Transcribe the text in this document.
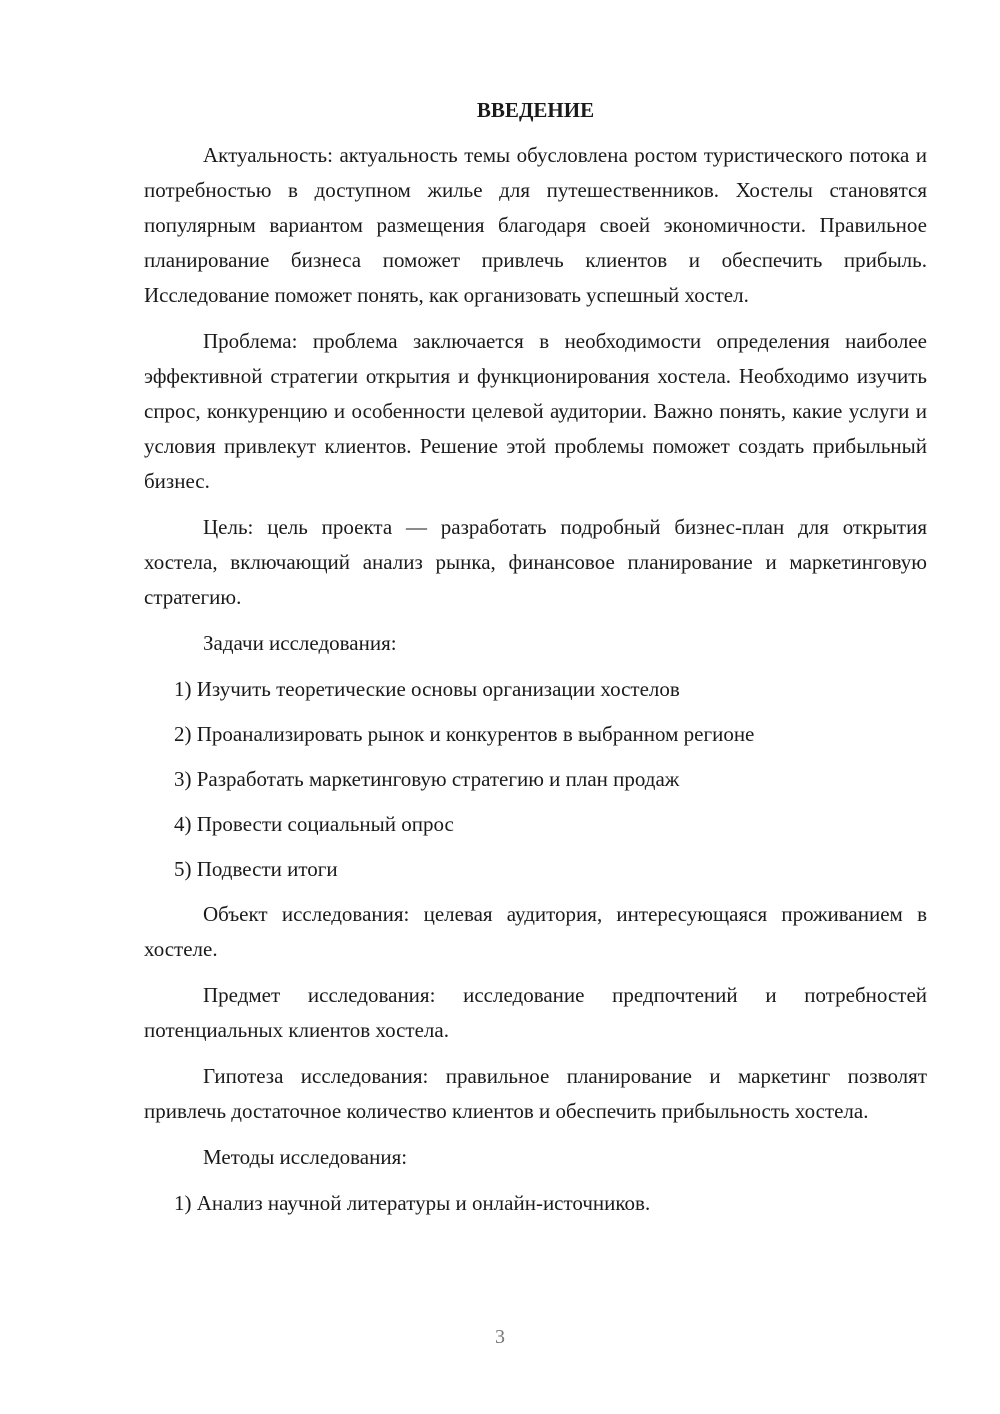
ВВЕДЕНИЕ

Актуальность: актуальность темы обусловлена ростом туристического потока и потребностью в доступном жилье для путешественников. Хостелы становятся популярным вариантом размещения благодаря своей экономичности. Правильное планирование бизнеса поможет привлечь клиентов и обеспечить прибыль. Исследование поможет понять, как организовать успешный хостел.

Проблема: проблема заключается в необходимости определения наиболее эффективной стратегии открытия и функционирования хостела. Необходимо изучить спрос, конкуренцию и особенности целевой аудитории. Важно понять, какие услуги и условия привлекут клиентов. Решение этой проблемы поможет создать прибыльный бизнес.

Цель: цель проекта — разработать подробный бизнес-план для открытия хостела, включающий анализ рынка, финансовое планирование и маркетинговую стратегию.

Задачи исследования:

1) Изучить теоретические основы организации хостелов

2) Проанализировать рынок и конкурентов в выбранном регионе

3) Разработать маркетинговую стратегию и план продаж

4) Провести социальный опрос

5) Подвести итоги

Объект исследования: целевая аудитория, интересующаяся проживанием в хостеле.

Предмет исследования: исследование предпочтений и потребностей потенциальных клиентов хостела.

Гипотеза исследования: правильное планирование и маркетинг позволят привлечь достаточное количество клиентов и обеспечить прибыльность хостела.

Методы исследования:

1) Анализ научной литературы и онлайн-источников.

3
